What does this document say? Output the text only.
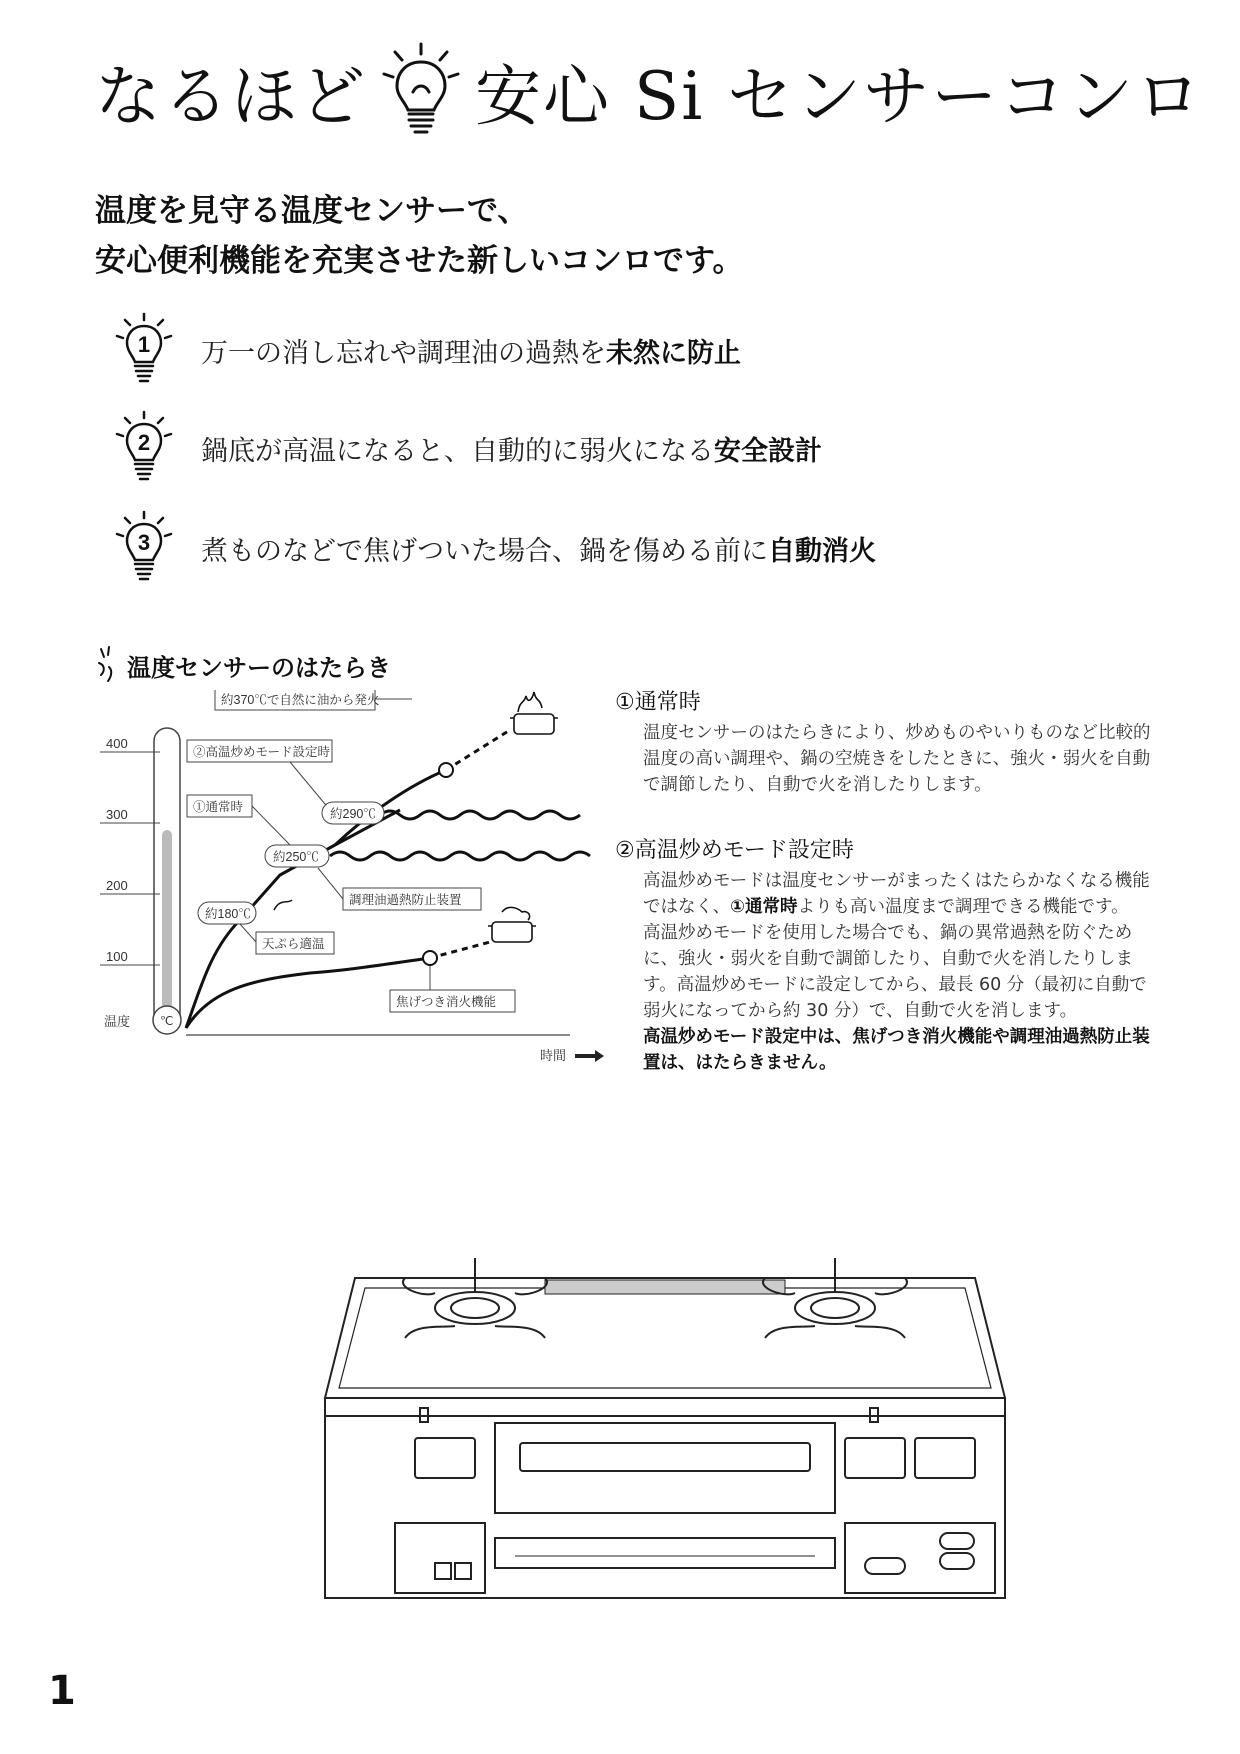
なるほど 安心 Si センサーコンロ
温度を見守る温度センサーで、
安心便利機能を充実させた新しいコンロです。
1 万一の消し忘れや調理油の過熱を未然に防止
2 鍋底が高温になると、自動的に弱火になる安全設計
3 煮ものなどで焦げついた場合、鍋を傷める前に自動消火
温度センサーのはたらき
400
300
200
100
温度 ℃
時間
約370℃で自然に油から発火
②高温炒めモード設定時
①通常時	約290℃
約250℃
調理油過熱防止装置
約180℃
天ぷら適温
焦げつき消火機能
①通常時

温度センサーのはたらきにより、炒めものやいりものなど比較的温度の高い調理や、鍋の空焼きをしたときに、強火・弱火を自動で調節したり、自動で火を消したりします。

②高温炒めモード設定時

高温炒めモードは温度センサーがまったくはたらかなくなる機能ではなく、①通常時よりも高い温度まで調理できる機能です。

高温炒めモードを使用した場合でも、鍋の異常過熱を防ぐために、強火・弱火を自動で調節したり、自動で火を消したりします。高温炒めモードに設定してから、最長 60 分（最初に自動で弱火になってから約 30 分）で、自動で火を消します。

高温炒めモード設定中は、焦げつき消火機能や調理油過熱防止装置は、はたらきません。

1
